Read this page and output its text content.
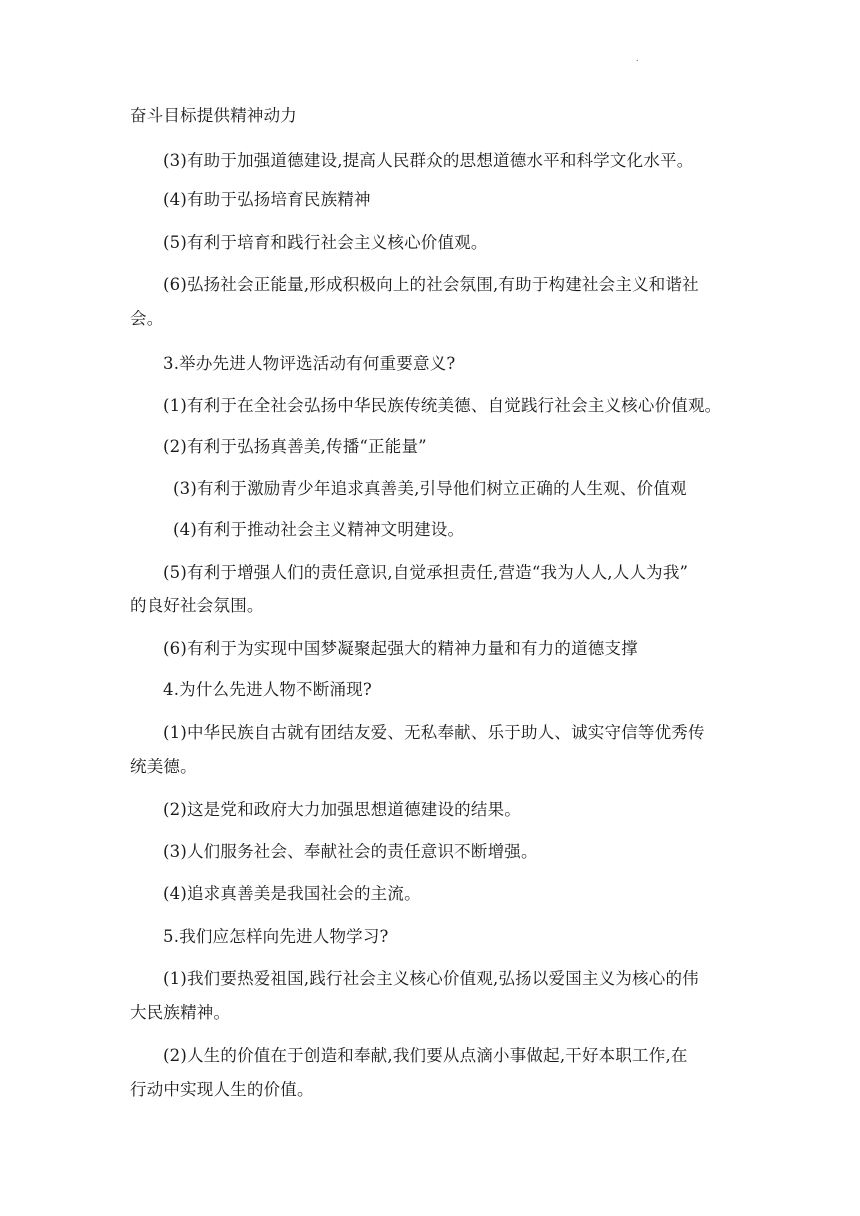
.
奋斗目标提供精神动力
(3)有助于加强道德建设,提高人民群众的思想道德水平和科学文化水平。
(4)有助于弘扬培育民族精神
(5)有利于培育和践行社会主义核心价值观。
(6)弘扬社会正能量,形成积极向上的社会氛围,有助于构建社会主义和谐社
会。
3.举办先进人物评选活动有何重要意义?
(1)有利于在全社会弘扬中华民族传统美德、自觉践行社会主义核心价值观。
(2)有利于弘扬真善美,传播“正能量”
(3)有利于激励青少年追求真善美,引导他们树立正确的人生观、价值观
(4)有利于推动社会主义精神文明建设。
(5)有利于增强人们的责任意识,自觉承担责任,营造“我为人人,人人为我”
的良好社会氛围。
(6)有利于为实现中国梦凝聚起强大的精神力量和有力的道德支撑
4.为什么先进人物不断涌现?
(1)中华民族自古就有团结友爱、无私奉献、乐于助人、诚实守信等优秀传
统美德。
(2)这是党和政府大力加强思想道德建设的结果。
(3)人们服务社会、奉献社会的责任意识不断增强。
(4)追求真善美是我国社会的主流。
5.我们应怎样向先进人物学习?
(1)我们要热爱祖国,践行社会主义核心价值观,弘扬以爱国主义为核心的伟
大民族精神。
(2)人生的价值在于创造和奉献,我们要从点滴小事做起,干好本职工作,在
行动中实现人生的价值。
